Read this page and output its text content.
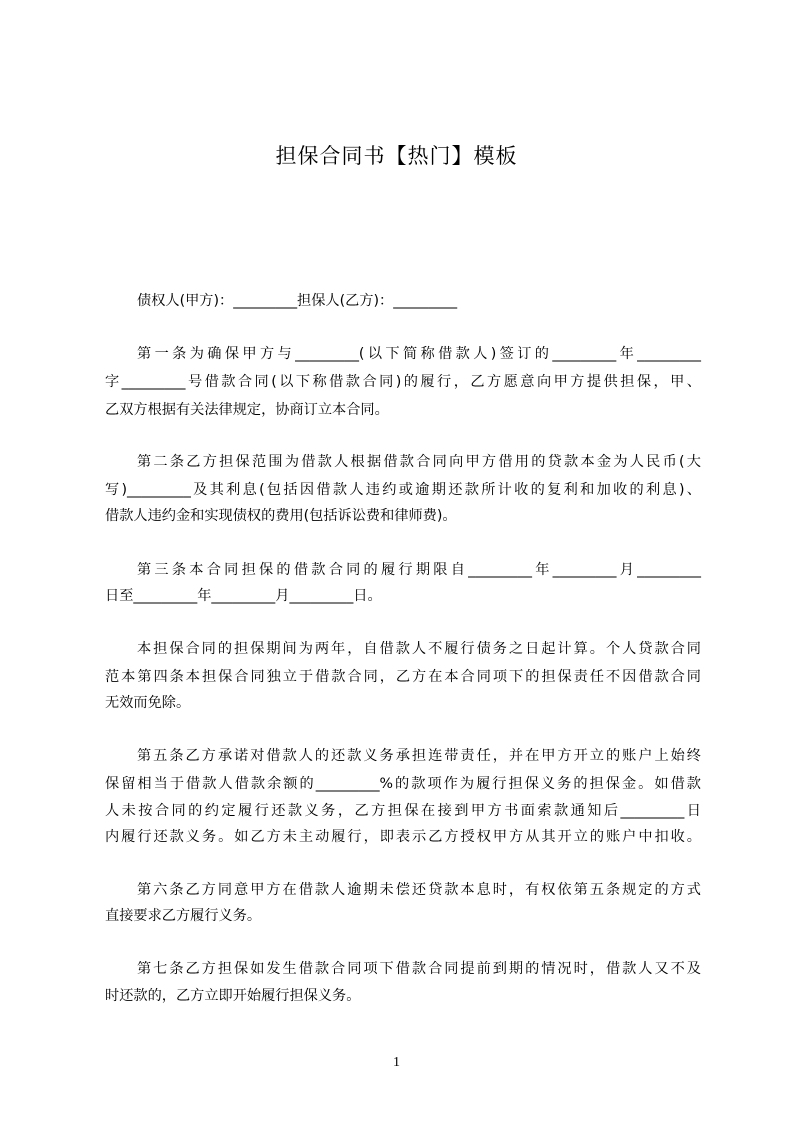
担保合同书【热门】模板
债权人(甲方)：_________担保人(乙方)：_________
第一条为确保甲方与_________(以下简称借款人)签订的_________年_________
字_________号借款合同(以下称借款合同)的履行，乙方愿意向甲方提供担保，甲、
乙双方根据有关法律规定，协商订立本合同。
第二条乙方担保范围为借款人根据借款合同向甲方借用的贷款本金为人民币(大
写)_________及其利息(包括因借款人违约或逾期还款所计收的复利和加收的利息)、
借款人违约金和实现债权的费用(包括诉讼费和律师费)。
第三条本合同担保的借款合同的履行期限自_________年_________月_________
日至_________年_________月_________日。
本担保合同的担保期间为两年，自借款人不履行债务之日起计算。个人贷款合同
范本第四条本担保合同独立于借款合同，乙方在本合同项下的担保责任不因借款合同
无效而免除。
第五条乙方承诺对借款人的还款义务承担连带责任，并在甲方开立的账户上始终
保留相当于借款人借款余额的_________%的款项作为履行担保义务的担保金。如借款
人未按合同的约定履行还款义务，乙方担保在接到甲方书面索款通知后_________日
内履行还款义务。如乙方未主动履行，即表示乙方授权甲方从其开立的账户中扣收。
第六条乙方同意甲方在借款人逾期未偿还贷款本息时，有权依第五条规定的方式
直接要求乙方履行义务。
第七条乙方担保如发生借款合同项下借款合同提前到期的情况时，借款人又不及
时还款的，乙方立即开始履行担保义务。
1
